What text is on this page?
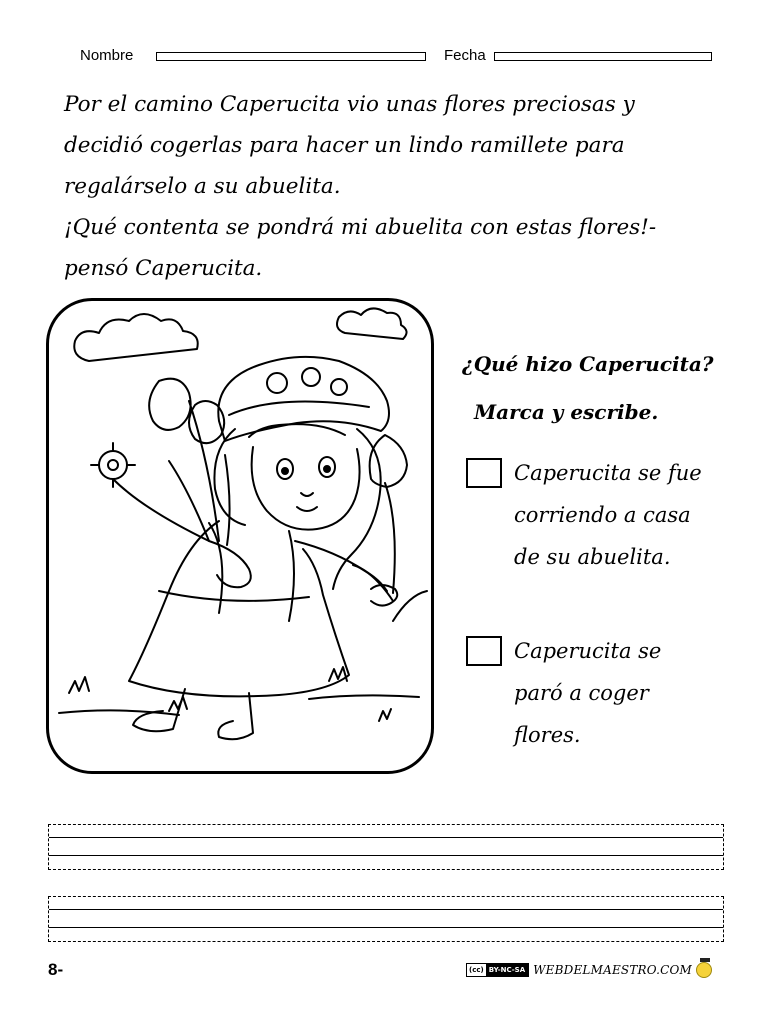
Nombre	Fecha

Por el camino Caperucita vio unas flores preciosas y

decidió cogerlas para hacer un lindo ramillete para

regalárselo a su abuelita.

¡Qué contenta se pondrá mi abuelita con estas flores!-

pensó Caperucita.

¿Qué hizo Caperucita?
Marca y escribe.
Caperucita se fue
corriendo a casa
de su abuelita.
Caperucita se
paró a coger
flores.
8-	(cc) BY-NC-SA WEBDELMAESTRO.COM
